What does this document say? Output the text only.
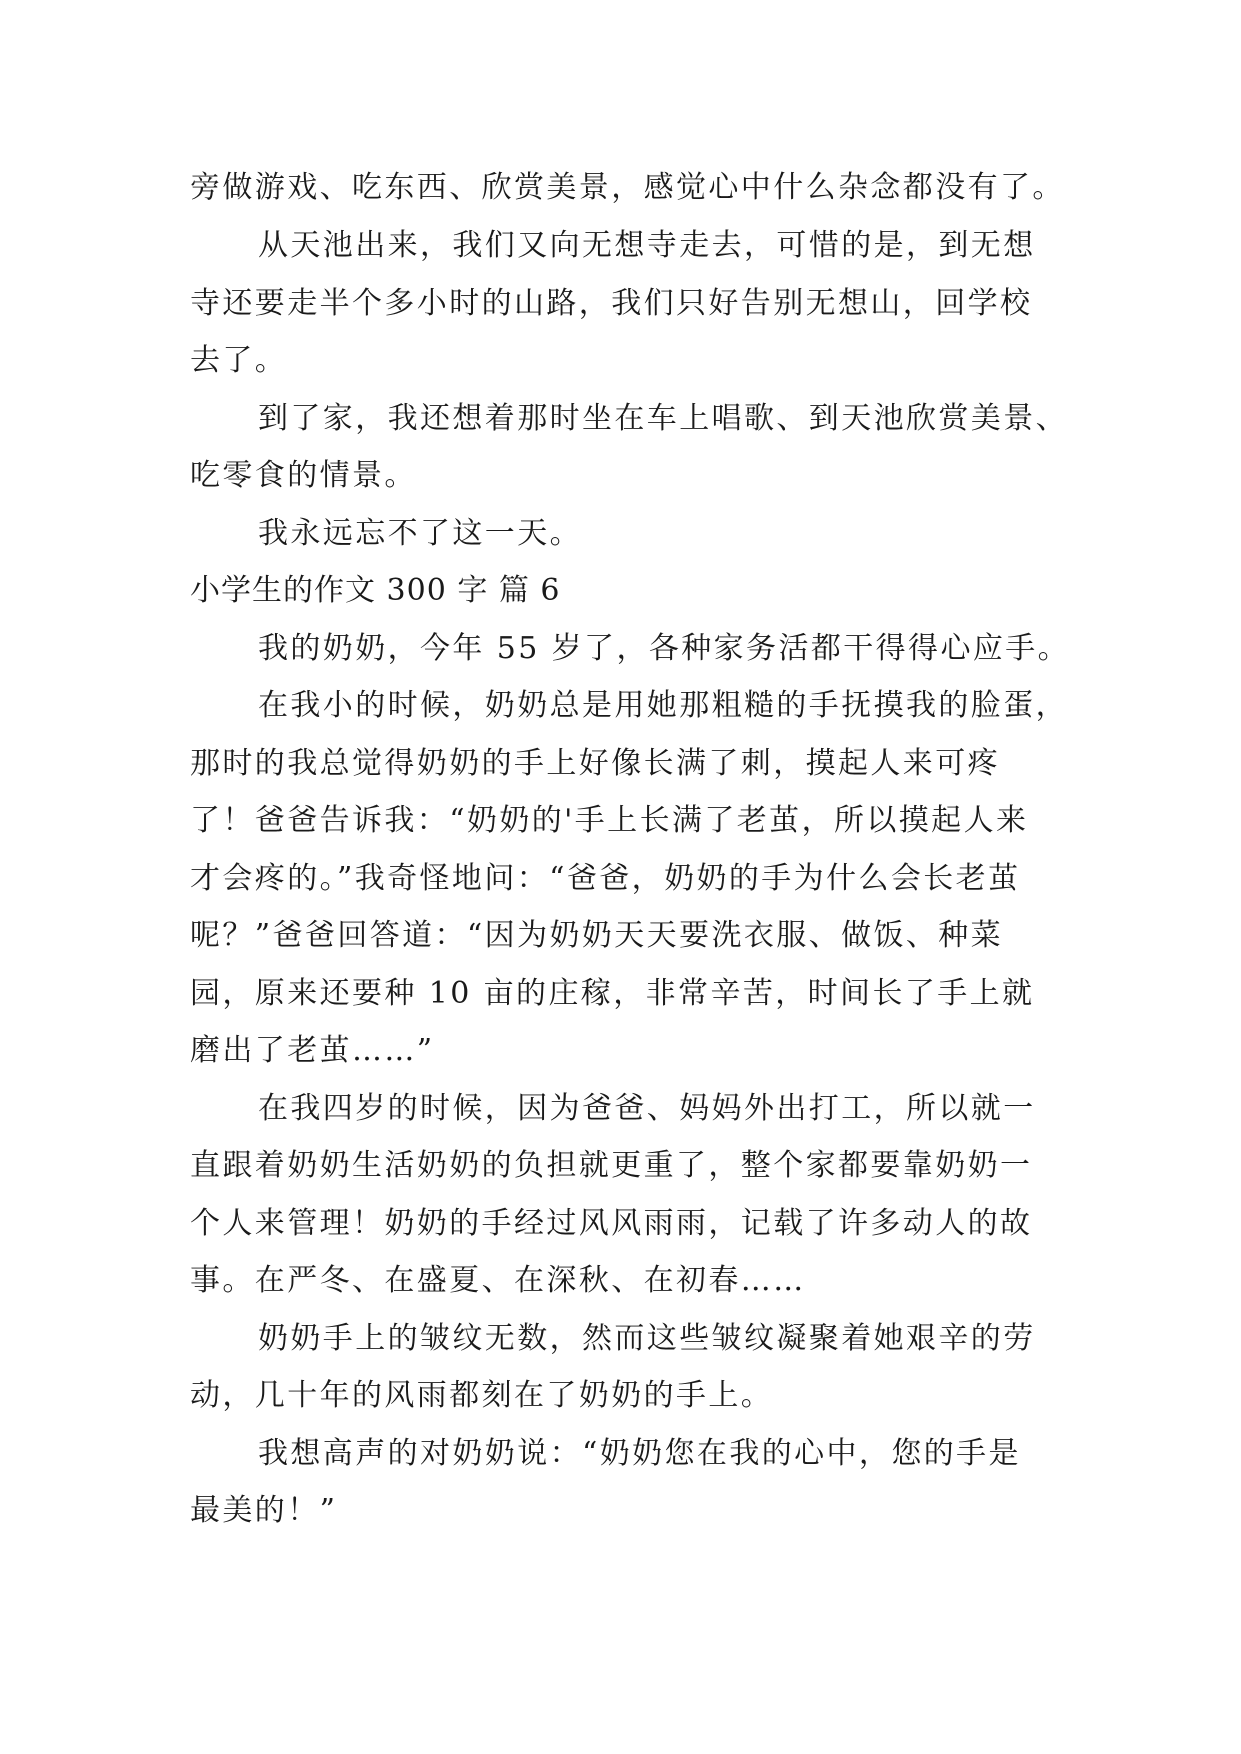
旁做游戏、吃东西、欣赏美景，感觉心中什么杂念都没有了。
从天池出来，我们又向无想寺走去，可惜的是，到无想
寺还要走半个多小时的山路，我们只好告别无想山，回学校
去了。
到了家，我还想着那时坐在车上唱歌、到天池欣赏美景、
吃零食的情景。
我永远忘不了这一天。
小学生的作文 300 字 篇 6
我的奶奶，今年 55 岁了，各种家务活都干得得心应手。
在我小的时候，奶奶总是用她那粗糙的手抚摸我的脸蛋，
那时的我总觉得奶奶的手上好像长满了刺，摸起人来可疼
了！爸爸告诉我：“奶奶的'手上长满了老茧，所以摸起人来
才会疼的。”我奇怪地问：“爸爸，奶奶的手为什么会长老茧
呢？”爸爸回答道：“因为奶奶天天要洗衣服、做饭、种菜
园，原来还要种 10 亩的庄稼，非常辛苦，时间长了手上就
磨出了老茧……”
在我四岁的时候，因为爸爸、妈妈外出打工，所以就一
直跟着奶奶生活奶奶的负担就更重了，整个家都要靠奶奶一
个人来管理！奶奶的手经过风风雨雨，记载了许多动人的故
事。在严冬、在盛夏、在深秋、在初春……
奶奶手上的皱纹无数，然而这些皱纹凝聚着她艰辛的劳
动，几十年的风雨都刻在了奶奶的手上。
我想高声的对奶奶说：“奶奶您在我的心中，您的手是
最美的！”
